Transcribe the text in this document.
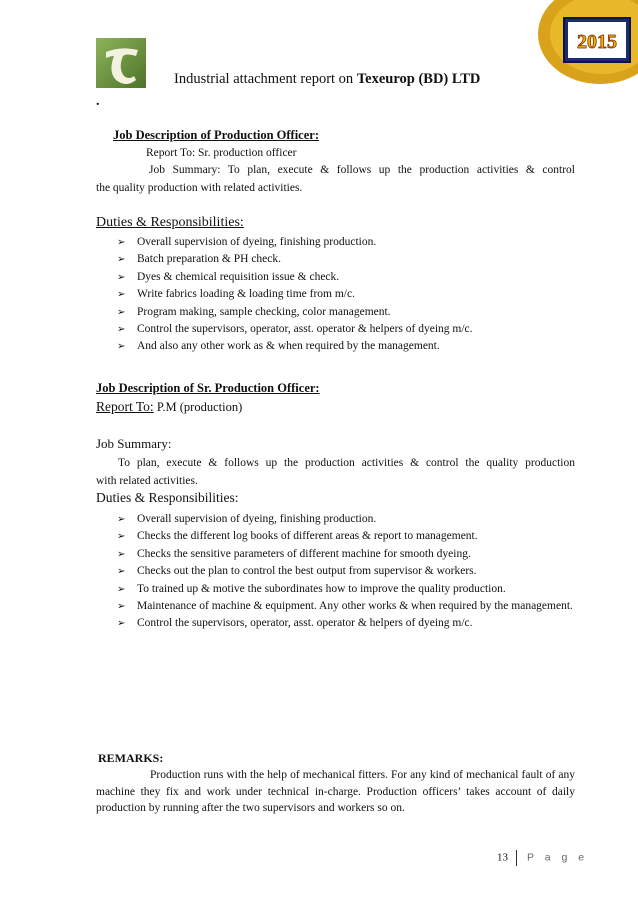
2015
Industrial attachment report on Texeurop (BD) LTD
.
Job Description of Production Officer:
Report To: Sr. production officer
Job Summary: To plan, execute & follows up the production activities & control
the quality production with related activities.
Duties & Responsibilities:
➢ Overall supervision of dyeing, finishing production.
➢ Batch preparation & PH check.
➢ Dyes & chemical requisition issue & check.
➢ Write fabrics loading & loading time from m/c.
➢ Program making, sample checking, color management.
➢ Control the supervisors, operator, asst. operator & helpers of dyeing m/c.
➢ And also any other work as & when required by the management.
Job Description of Sr. Production Officer:
Report To: P.M (production)
Job Summary:
To plan, execute & follows up the production activities & control the quality production
with related activities.
Duties & Responsibilities:
➢ Overall supervision of dyeing, finishing production.
➢ Checks the different log books of different areas & report to management.
➢ Checks the sensitive parameters of different machine for smooth dyeing.
➢ Checks out the plan to control the best output from supervisor & workers.
➢ To trained up & motive the subordinates how to improve the quality production.
➢ Maintenance of machine & equipment. Any other works & when required by the management.
➢ Control the supervisors, operator, asst. operator & helpers of dyeing m/c.
REMARKS:
Production runs with the help of mechanical fitters. For any kind of mechanical fault of any machine they fix and work under technical in-charge. Production officers’ takes account of daily production by running after the two supervisors and workers so on.
13 P a g e
